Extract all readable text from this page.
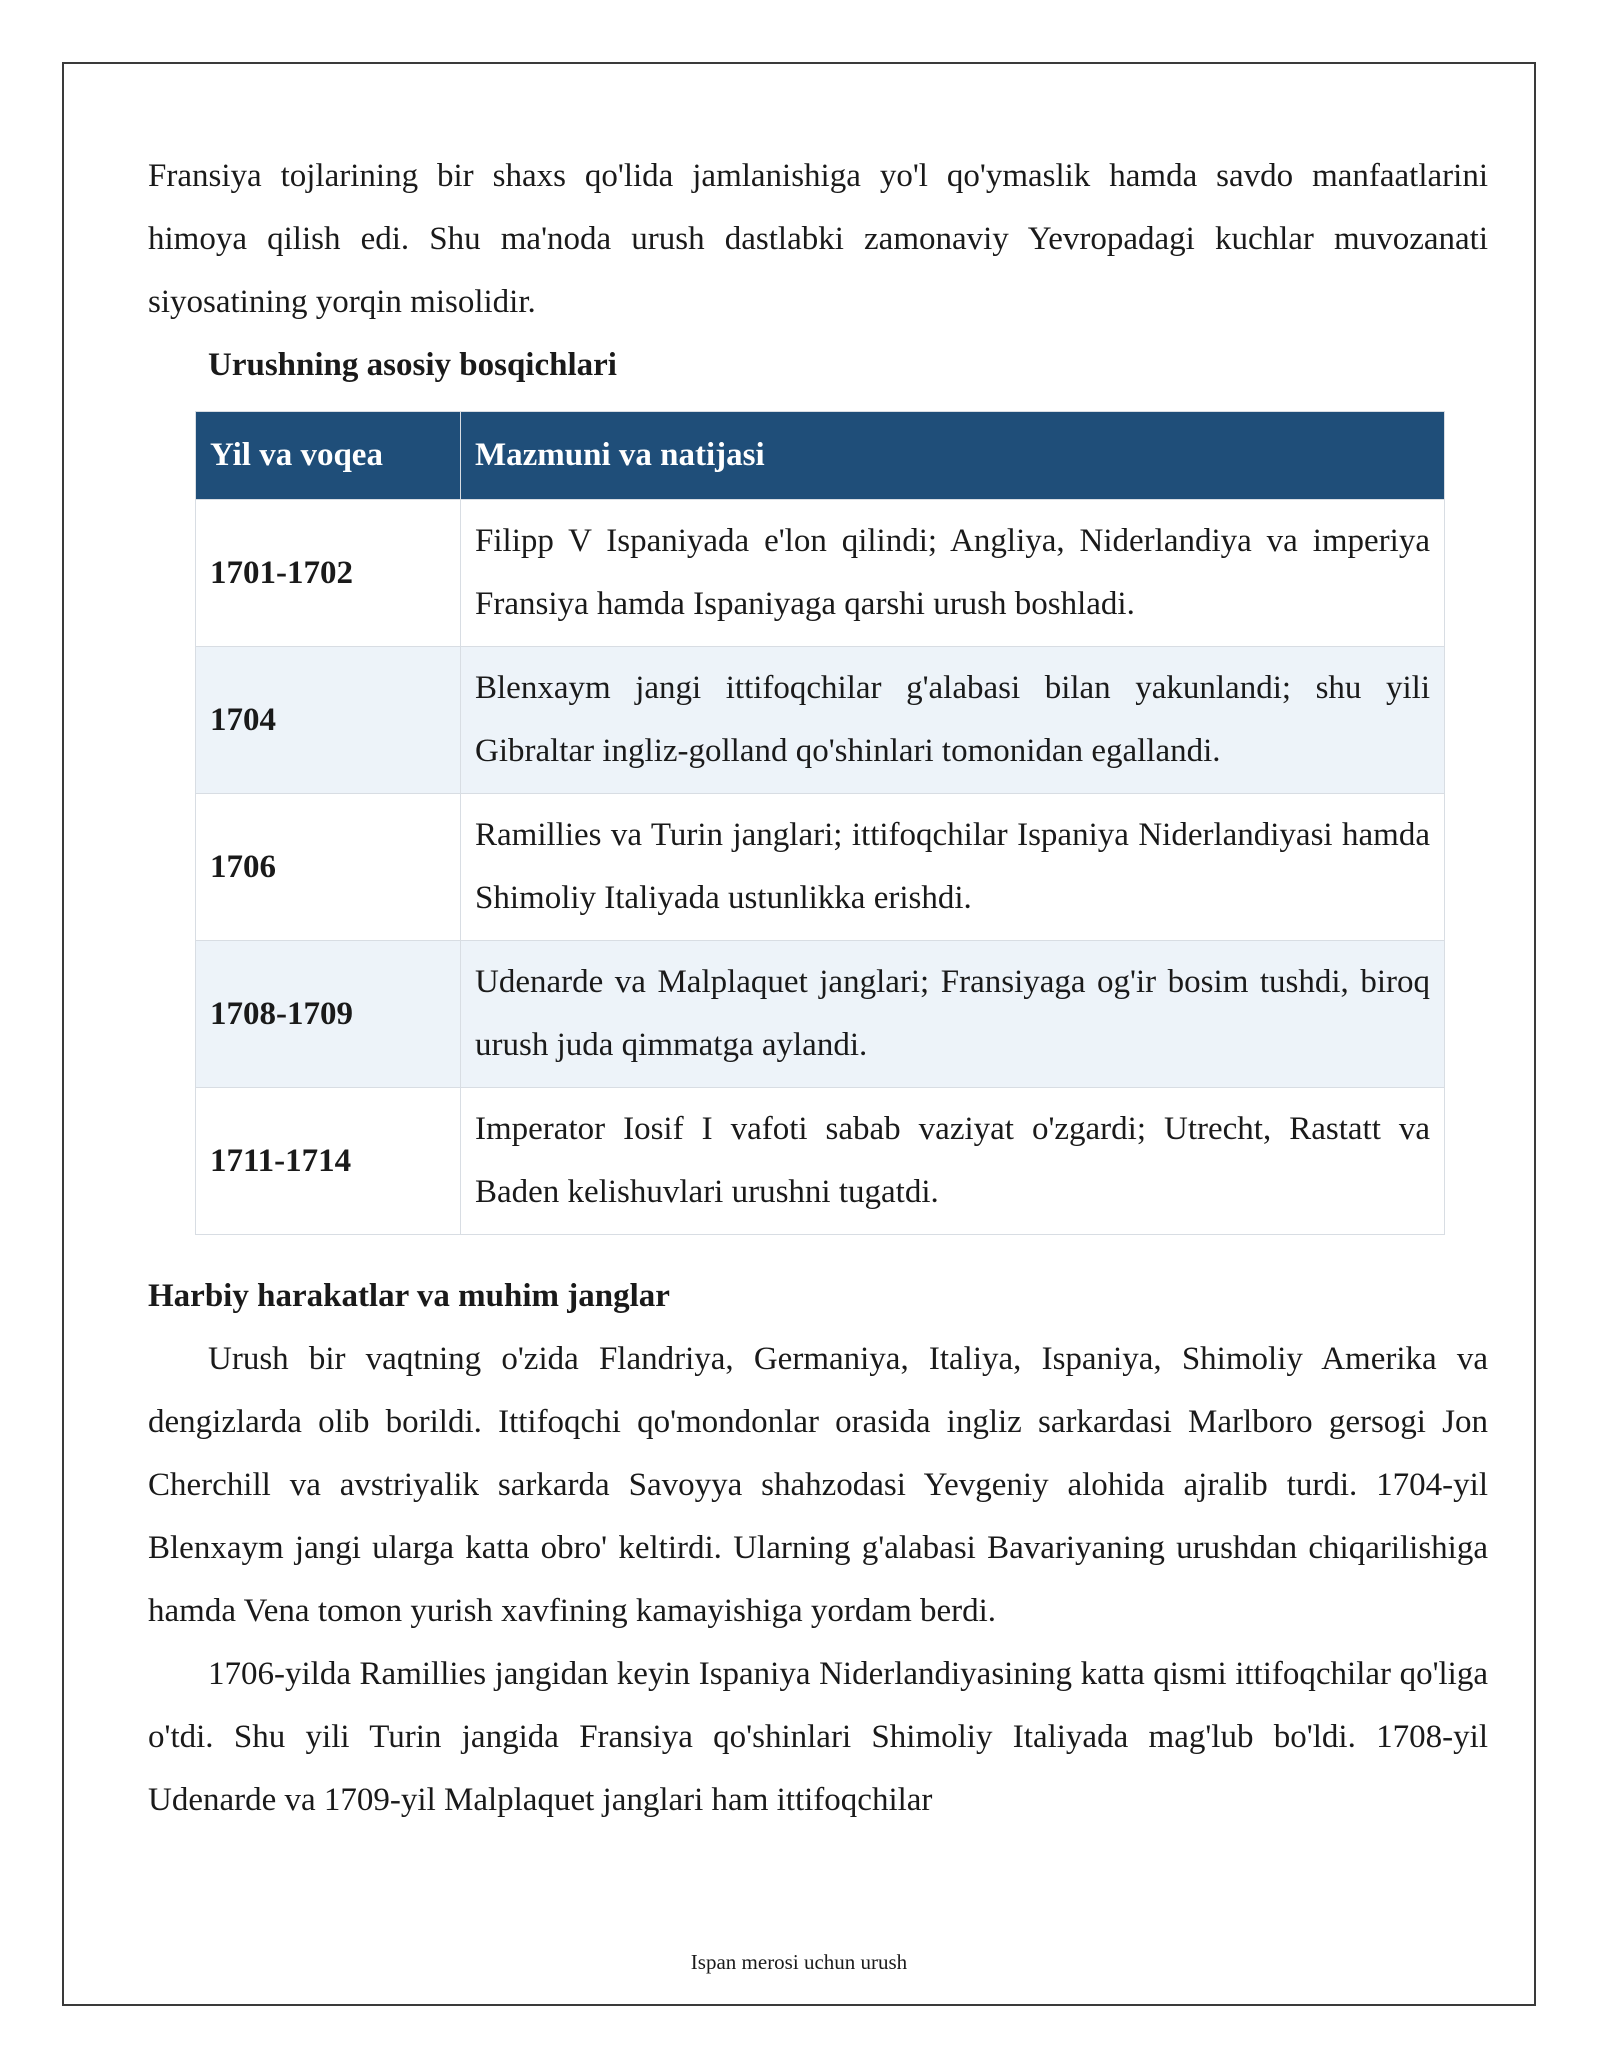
Fransiya tojlarining bir shaxs qo'lida jamlanishiga yo'l qo'ymaslik hamda savdo manfaatlarini himoya qilish edi. Shu ma'noda urush dastlabki zamonaviy Yevropadagi kuchlar muvozanati siyosatining yorqin misolidir.

Urushning asosiy bosqichlari
Yil va voqea	Mazmuni va natijasi
1701-1702	Filipp V Ispaniyada e'lon qilindi; Angliya, Niderlandiya va imperiya Fransiya hamda Ispaniyaga qarshi urush boshladi.
1704	Blenxaym jangi ittifoqchilar g'alabasi bilan yakunlandi; shu yili Gibraltar ingliz-golland qo'shinlari tomonidan egallandi.
1706	Ramillies va Turin janglari; ittifoqchilar Ispaniya Niderlandiyasi hamda Shimoliy Italiyada ustunlikka erishdi.
1708-1709	Udenarde va Malplaquet janglari; Fransiyaga og'ir bosim tushdi, biroq urush juda qimmatga aylandi.
1711-1714	Imperator Iosif I vafoti sabab vaziyat o'zgardi; Utrecht, Rastatt va Baden kelishuvlari urushni tugatdi.
Harbiy harakatlar va muhim janglar

Urush bir vaqtning o'zida Flandriya, Germaniya, Italiya, Ispaniya, Shimoliy Amerika va dengizlarda olib borildi. Ittifoqchi qo'mondonlar orasida ingliz sarkardasi Marlboro gersogi Jon Cherchill va avstriyalik sarkarda Savoyya shahzodasi Yevgeniy alohida ajralib turdi. 1704-yil Blenxaym jangi ularga katta obro' keltirdi. Ularning g'alabasi Bavariyaning urushdan chiqarilishiga hamda Vena tomon yurish xavfining kamayishiga yordam berdi.

1706-yilda Ramillies jangidan keyin Ispaniya Niderlandiyasining katta qismi ittifoqchilar qo'liga o'tdi. Shu yili Turin jangida Fransiya qo'shinlari Shimoliy Italiyada mag'lub bo'ldi. 1708-yil Udenarde va 1709-yil Malplaquet janglari ham ittifoqchilar

Ispan merosi uchun urush
